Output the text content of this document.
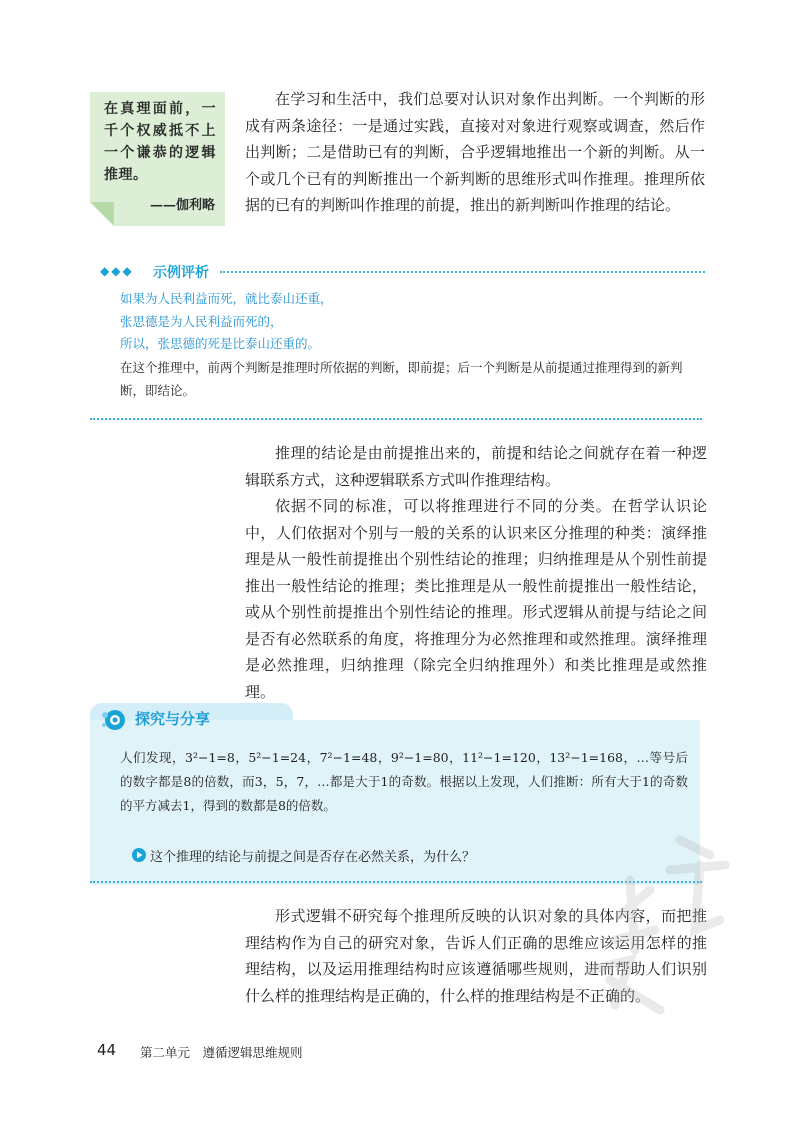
在真理面前，一千个权威抵不上一个谦恭的逻辑推理。
——伽利略

在学习和生活中，我们总要对认识对象作出判断。一个判断的形成有两条途径：一是通过实践，直接对对象进行观察或调查，然后作出判断；二是借助已有的判断，合乎逻辑地推出一个新的判断。从一个或几个已有的判断推出一个新判断的思维形式叫作推理。推理所依据的已有的判断叫作推理的前提，推出的新判断叫作推理的结论。

◆◆◆ 示例评析
如果为人民利益而死，就比泰山还重，
张思德是为人民利益而死的，
所以，张思德的死是比泰山还重的。
在这个推理中，前两个判断是推理时所依据的判断，即前提；后一个判断是从前提通过推理得到的新判断，即结论。

推理的结论是由前提推出来的，前提和结论之间就存在着一种逻辑联系方式，这种逻辑联系方式叫作推理结构。

依据不同的标准，可以将推理进行不同的分类。在哲学认识论中，人们依据对个别与一般的关系的认识来区分推理的种类：演绎推理是从一般性前提推出个别性结论的推理；归纳推理是从个别性前提推出一般性结论的推理；类比推理是从一般性前提推出一般性结论，或从个别性前提推出个别性结论的推理。形式逻辑从前提与结论之间是否有必然联系的角度，将推理分为必然推理和或然推理。演绎推理是必然推理，归纳推理（除完全归纳推理外）和类比推理是或然推理。

探究与分享
人们发现，3²−1=8，5²−1=24，7²−1=48，9²−1=80，11²−1=120，13²−1=168，…等号后的数字都是8的倍数，而3，5，7，…都是大于1的奇数。根据以上发现，人们推断：所有大于1的奇数的平方减去1，得到的数都是8的倍数。
这个推理的结论与前提之间是否存在必然关系，为什么？

形式逻辑不研究每个推理所反映的认识对象的具体内容，而把推理结构作为自己的研究对象，告诉人们正确的思维应该运用怎样的推理结构，以及运用推理结构时应该遵循哪些规则，进而帮助人们识别什么样的推理结构是正确的，什么样的推理结构是不正确的。

44 第二单元　遵循逻辑思维规则
